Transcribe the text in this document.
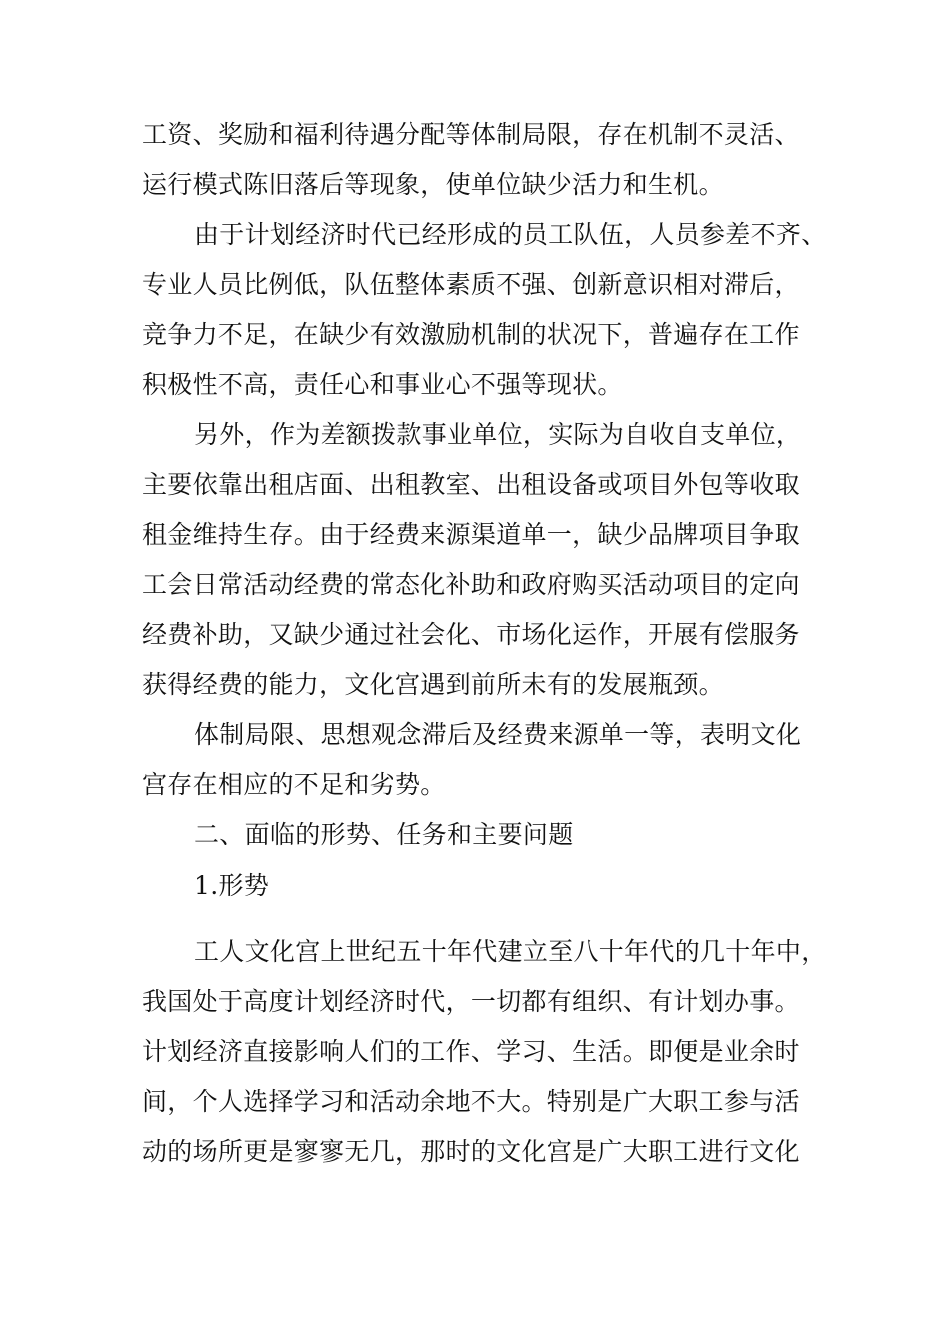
工资、奖励和福利待遇分配等体制局限，存在机制不灵活、
运行模式陈旧落后等现象，使单位缺少活力和生机。
由于计划经济时代已经形成的员工队伍，人员参差不齐、
专业人员比例低，队伍整体素质不强、创新意识相对滞后，
竞争力不足，在缺少有效激励机制的状况下，普遍存在工作
积极性不高，责任心和事业心不强等现状。
另外，作为差额拨款事业单位，实际为自收自支单位，
主要依靠出租店面、出租教室、出租设备或项目外包等收取
租金维持生存。由于经费来源渠道单一，缺少品牌项目争取
工会日常活动经费的常态化补助和政府购买活动项目的定向
经费补助，又缺少通过社会化、市场化运作，开展有偿服务
获得经费的能力，文化宫遇到前所未有的发展瓶颈。
体制局限、思想观念滞后及经费来源单一等，表明文化
宫存在相应的不足和劣势。
二、面临的形势、任务和主要问题
1.形势
工人文化宫上世纪五十年代建立至八十年代的几十年中，
我国处于高度计划经济时代，一切都有组织、有计划办事。
计划经济直接影响人们的工作、学习、生活。即便是业余时
间，个人选择学习和活动余地不大。特别是广大职工参与活
动的场所更是寥寥无几，那时的文化宫是广大职工进行文化
